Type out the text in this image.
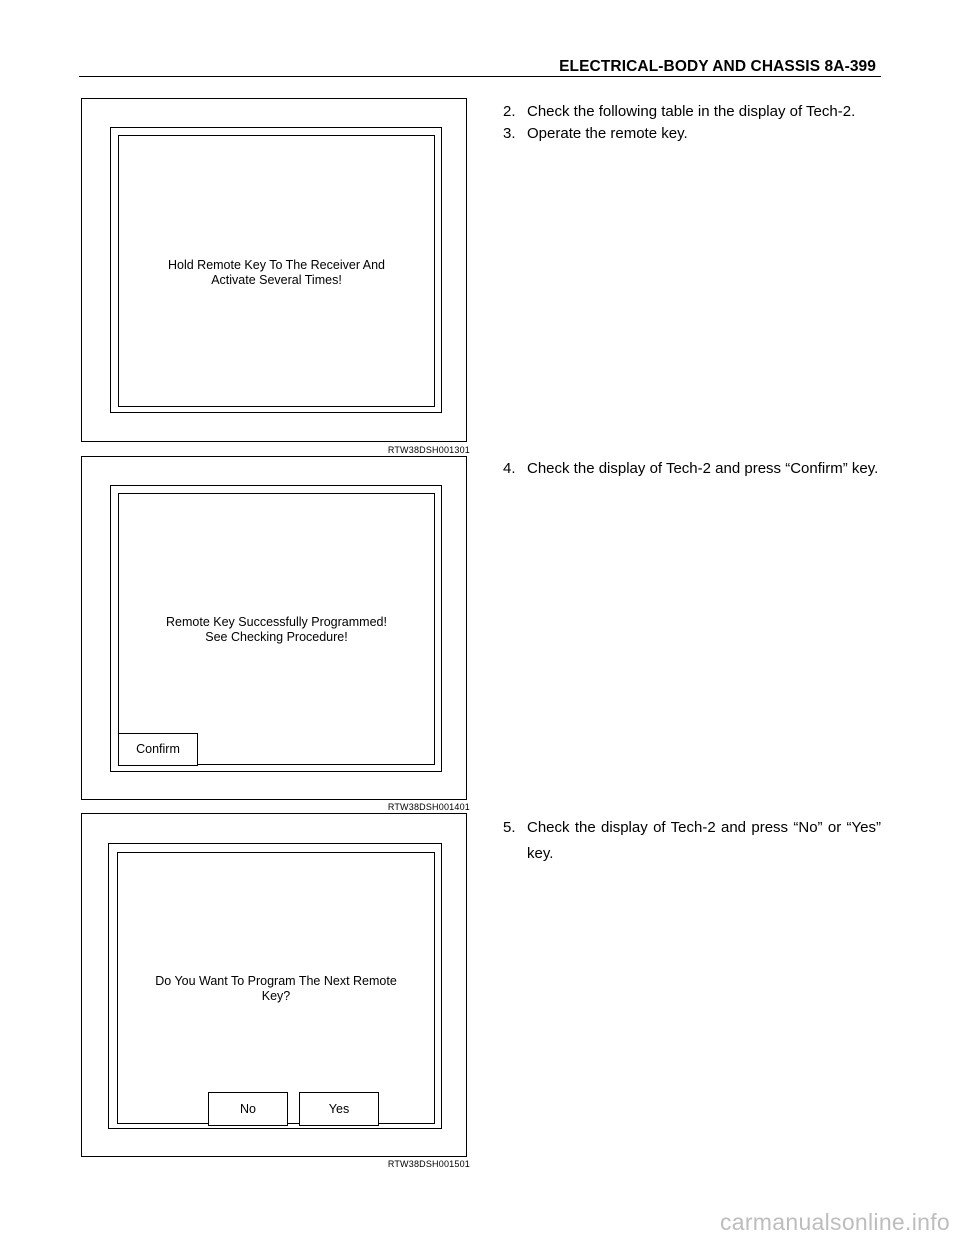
ELECTRICAL-BODY AND CHASSIS 8A-399
Hold Remote Key To The Receiver And
Activate Several Times!
RTW38DSH001301
Remote Key Successfully Programmed!
See Checking Procedure!
Confirm
RTW38DSH001401
Do You Want To Program The Next Remote
Key?
No	Yes
RTW38DSH001501
2. Check the following table in the display of Tech-2.
3. Operate the remote key.
4. Check the display of Tech-2 and press “Confirm” key.
5. Check the display of Tech-2 and press “No” or “Yes” key.
carmanualsonline.info
